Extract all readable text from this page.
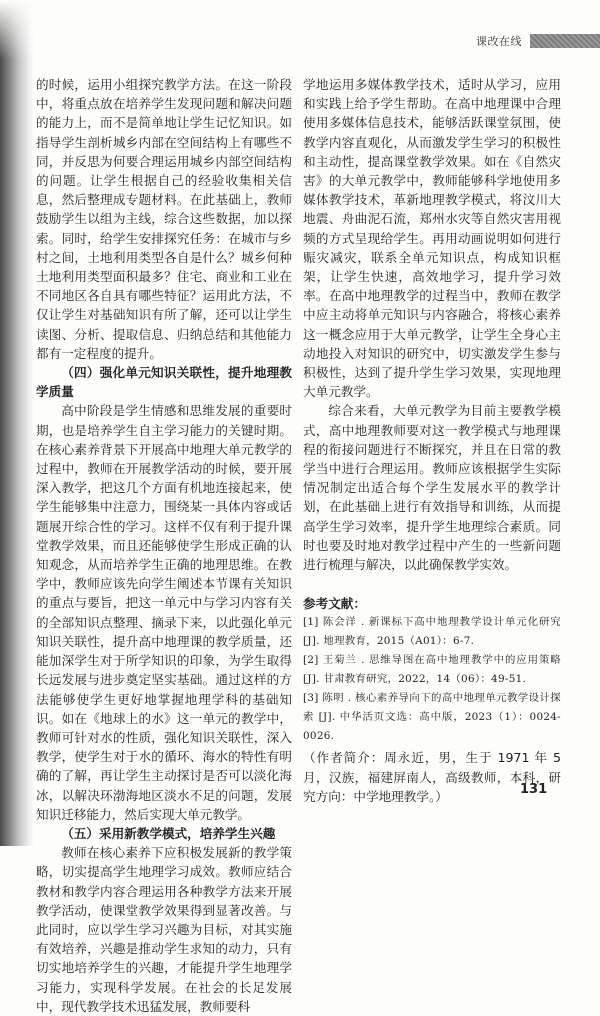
课改在线

的时候，运用小组探究教学方法。在这一阶段中，将重点放在培养学生发现问题和解决问题的能力上，而不是简单地让学生记忆知识。如指导学生剖析城乡内部在空间结构上有哪些不同，并反思为何要合理运用城乡内部空间结构的问题。让学生根据自己的经验收集相关信息，然后整理成专题材料。在此基础上，教师鼓励学生以组为主线，综合这些数据，加以探索。同时，给学生安排探究任务：在城市与乡村之间，土地利用类型各自是什么？城乡何种土地利用类型面积最多？住宅、商业和工业在不同地区各自具有哪些特征？运用此方法，不仅让学生对基础知识有所了解，还可以让学生读图、分析、提取信息、归纳总结和其他能力都有一定程度的提升。

（四）强化单元知识关联性，提升地理教学质量

高中阶段是学生情感和思维发展的重要时期，也是培养学生自主学习能力的关键时期。在核心素养背景下开展高中地理大单元教学的过程中，教师在开展教学活动的时候，要开展深入教学，把这几个方面有机地连接起来，使学生能够集中注意力，围绕某一具体内容或话题展开综合性的学习。这样不仅有利于提升课堂教学效果，而且还能够使学生形成正确的认知观念，从而培养学生正确的地理思维。在教学中，教师应该先向学生阐述本节课有关知识的重点与要旨，把这一单元中与学习内容有关的全部知识点整理、摘录下来，以此强化单元知识关联性，提升高中地理课的教学质量，还能加深学生对于所学知识的印象，为学生取得长远发展与进步奠定坚实基础。通过这样的方法能够使学生更好地掌握地理学科的基础知识。如在《地球上的水》这一单元的教学中，教师可针对水的性质，强化知识关联性，深入教学，使学生对于水的循环、海水的特性有明确的了解，再让学生主动探讨是否可以淡化海冰，以解决环渤海地区淡水不足的问题，发展知识迁移能力，然后实现大单元教学。

（五）采用新教学模式，培养学生兴趣

教师在核心素养下应积极发展新的教学策略，切实提高学生地理学习成效。教师应结合教材和教学内容合理运用各种教学方法来开展教学活动，使课堂教学效果得到显著改善。与此同时，应以学生学习兴趣为目标，对其实施有效培养，兴趣是推动学生求知的动力，只有切实地培养学生的兴趣，才能提升学生地理学习能力，实现科学发展。在社会的长足发展中，现代教学技术迅猛发展，教师要科

学地运用多媒体教学技术，适时从学习，应用和实践上给予学生帮助。在高中地理课中合理使用多媒体信息技术，能够活跃课堂氛围，使教学内容直观化，从而激发学生学习的积极性和主动性，提高课堂教学效果。如在《自然灾害》的大单元教学中，教师能够科学地使用多媒体教学技术，革新地理教学模式，将汶川大地震、舟曲泥石流，郑州水灾等自然灾害用视频的方式呈现给学生。再用动画说明如何进行赈灾减灾，联系全单元知识点，构成知识框架，让学生快速，高效地学习，提升学习效率。在高中地理教学的过程当中，教师在教学中应主动将单元知识与内容融合，将核心素养这一概念应用于大单元教学，让学生全身心主动地投入对知识的研究中，切实激发学生参与积极性，达到了提升学生学习效果，实现地理大单元教学。

综合来看，大单元教学为目前主要教学模式，高中地理教师要对这一教学模式与地理课程的衔接问题进行不断探究，并且在日常的教学当中进行合理运用。教师应该根据学生实际情况制定出适合每个学生发展水平的教学计划，在此基础上进行有效指导和训练，从而提高学生学习效率，提升学生地理综合素质。同时也要及时地对教学过程中产生的一些新问题进行梳理与解决，以此确保教学实效。

参考文献：
[1] 陈会洋 . 新课标下高中地理教学设计单元化研究 [J]. 地理教育，2015（A01）：6-7.
[2] 王菊兰 . 思维导图在高中地理教学中的应用策略 [J]. 甘肃教育研究，2022，14（06）：49-51.
[3] 陈明 . 核心素养导向下的高中地理单元教学设计探索 [J]. 中华活页文选：高中版，2023（1）：0024-0026.
（作者简介：周永近，男，生于 1971 年 5 月，汉族，福建屏南人，高级教师，本科，研究方向：中学地理教学。）	131
